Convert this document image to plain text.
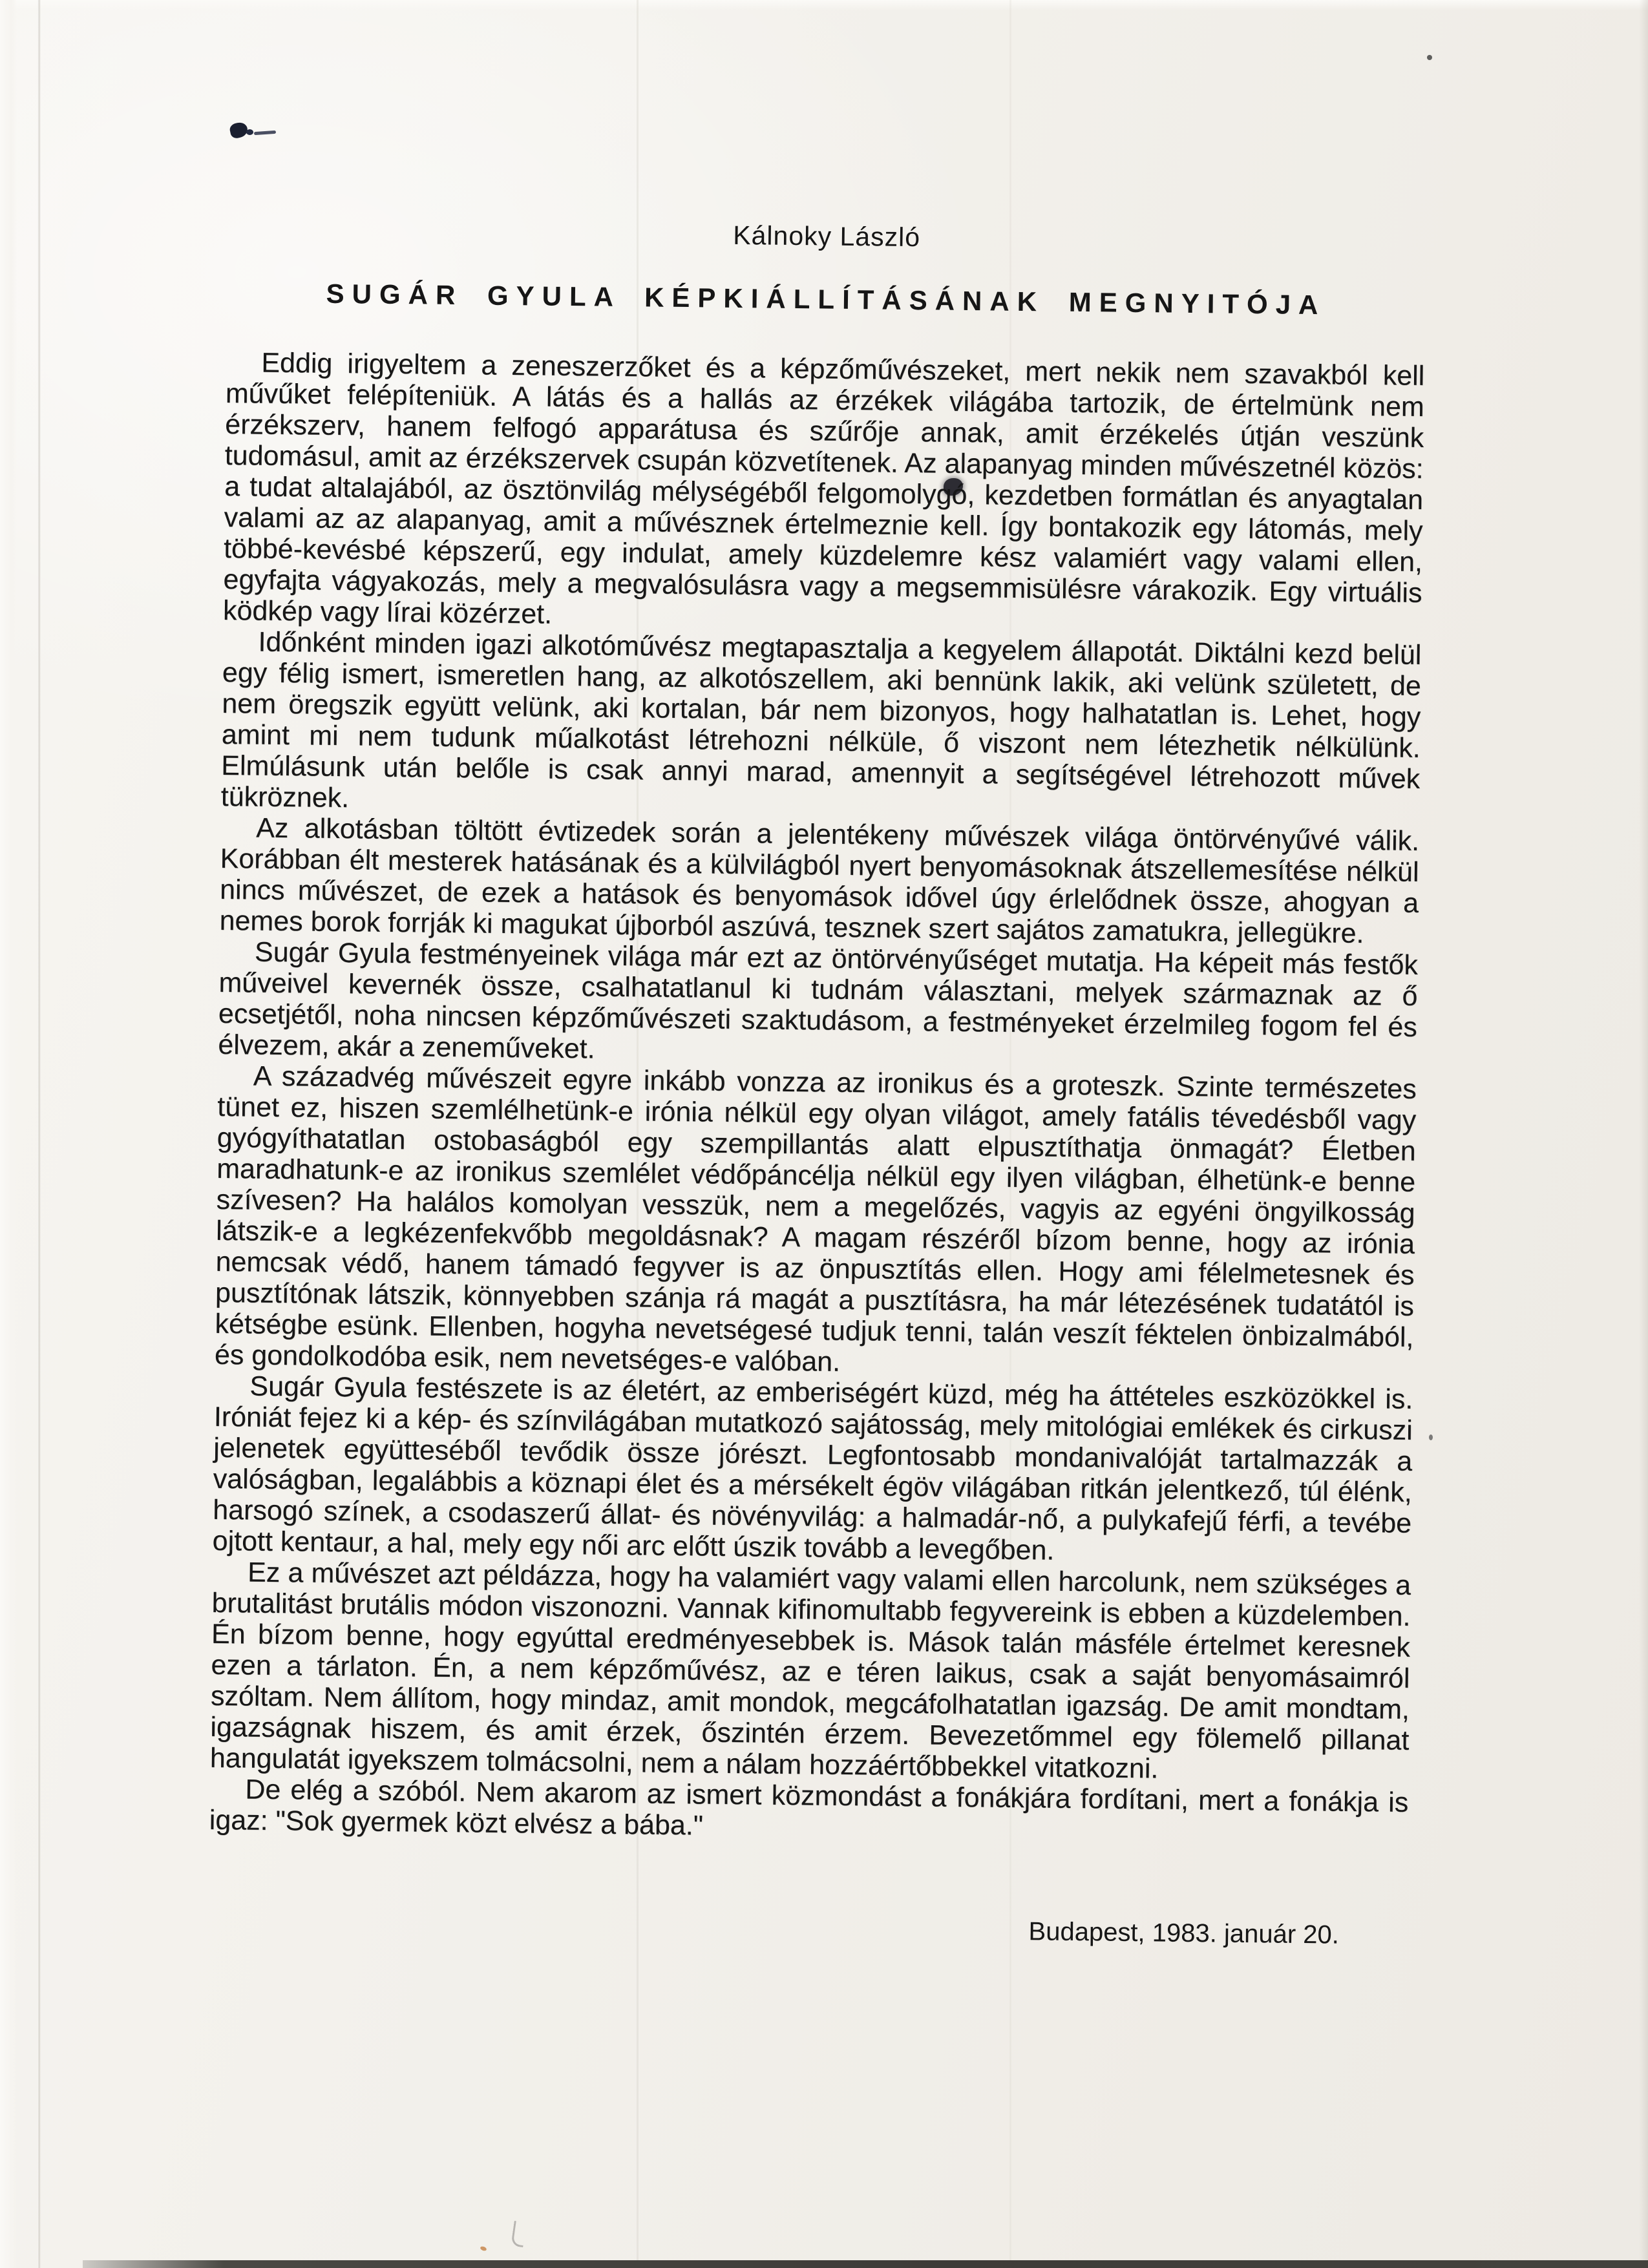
Kálnoky László
SUGÁR GYULA KÉPKIÁLLÍTÁSÁNAK MEGNYITÓJA

Eddig irigyeltem a zeneszerzőket és a képzőművészeket, mert nekik nem szavakból kell művűket felépíteniük. A látás és a hallás az érzékek világába tartozik, de értelmünk nem érzékszerv, hanem felfogó apparátusa és szűrője annak, amit érzékelés útján veszünk tudomásul, amit az érzékszervek csupán közvetítenek. Az alapanyag minden művészetnél közös: a tudat altalajából, az ösztönvilág mélységéből felgomolygó, kezdetben formátlan és anyagtalan valami az az alapanyag, amit a művésznek értelmeznie kell. Így bontakozik egy látomás, mely többé-kevésbé képszerű, egy indulat, amely küzdelemre kész valamiért vagy valami ellen, egyfajta vágyakozás, mely a megvalósulásra vagy a megsemmisülésre várakozik. Egy virtuális ködkép vagy lírai közérzet.

Időnként minden igazi alkotóművész megtapasztalja a kegyelem állapotát. Diktálni kezd belül egy félig ismert, ismeretlen hang, az alkotószellem, aki bennünk lakik, aki velünk született, de nem öregszik együtt velünk, aki kortalan, bár nem bizonyos, hogy halhatatlan is. Lehet, hogy amint mi nem tudunk műalkotást létrehozni nélküle, ő viszont nem létezhetik nélkülünk. Elmúlásunk után belőle is csak annyi marad, amennyit a segítségével létrehozott művek tükröznek.

Az alkotásban töltött évtizedek során a jelentékeny művészek világa öntörvényűvé válik. Korábban élt mesterek hatásának és a külvilágból nyert benyomásoknak átszellemesítése nélkül nincs művészet, de ezek a hatások és benyomások idővel úgy érlelődnek össze, ahogyan a nemes borok forrják ki magukat újborból aszúvá, tesznek szert sajátos zamatukra, jellegükre.

Sugár Gyula festményeinek világa már ezt az öntörvényűséget mutatja. Ha képeit más festők műveivel kevernék össze, csalhatatlanul ki tudnám választani, melyek származnak az ő ecsetjétől, noha nincsen képzőművészeti szaktudásom, a festményeket érzelmileg fogom fel és élvezem, akár a zeneműveket.

A századvég művészeit egyre inkább vonzza az ironikus és a groteszk. Szinte természetes tünet ez, hiszen szemlélhetünk-e irónia nélkül egy olyan világot, amely fatális tévedésből vagy gyógyíthatatlan ostobaságból egy szempillantás alatt elpusztíthatja önmagát? Életben maradhatunk-e az ironikus szemlélet védőpáncélja nélkül egy ilyen világban, élhetünk-e benne szívesen? Ha halálos komolyan vesszük, nem a megelőzés, vagyis az egyéni öngyilkosság látszik-e a legkézenfekvőbb megoldásnak? A magam részéről bízom benne, hogy az irónia nemcsak védő, hanem támadó fegyver is az önpusztítás ellen. Hogy ami félelmetesnek és pusztítónak látszik, könnyebben szánja rá magát a pusztításra, ha már létezésének tudatától is kétségbe esünk. Ellenben, hogyha nevetségesé tudjuk tenni, talán veszít féktelen önbizalmából, és gondolkodóba esik, nem nevetséges-e valóban.

Sugár Gyula festészete is az életért, az emberiségért küzd, még ha áttételes eszközökkel is. Iróniát fejez ki a kép- és színvilágában mutatkozó sajátosság, mely mitológiai emlékek és cirkuszi jelenetek együtteséből tevődik össze jórészt. Legfontosabb mondanivalóját tartalmazzák a valóságban, legalábbis a köznapi élet és a mérsékelt égöv világában ritkán jelentkező, túl élénk, harsogó színek, a csodaszerű állat- és növényvilág: a halmadár-nő, a pulykafejű férfi, a tevébe ojtott kentaur, a hal, mely egy női arc előtt úszik tovább a levegőben.

Ez a művészet azt példázza, hogy ha valamiért vagy valami ellen harcolunk, nem szükséges a brutalitást brutális módon viszonozni. Vannak kifinomultabb fegyvereink is ebben a küzdelemben. Én bízom benne, hogy egyúttal eredményesebbek is. Mások talán másféle értelmet keresnek ezen a tárlaton. Én, a nem képzőművész, az e téren laikus, csak a saját benyomásaimról szóltam. Nem állítom, hogy mindaz, amit mondok, megcáfolhatatlan igazság. De amit mondtam, igazságnak hiszem, és amit érzek, őszintén érzem. Bevezetőmmel egy fölemelő pillanat hangulatát igyekszem tolmácsolni, nem a nálam hozzáértőbbekkel vitatkozni.

De elég a szóból. Nem akarom az ismert közmondást a fonákjára fordítani, mert a fonákja is igaz: "Sok gyermek közt elvész a bába."

Budapest, 1983. január 20.
